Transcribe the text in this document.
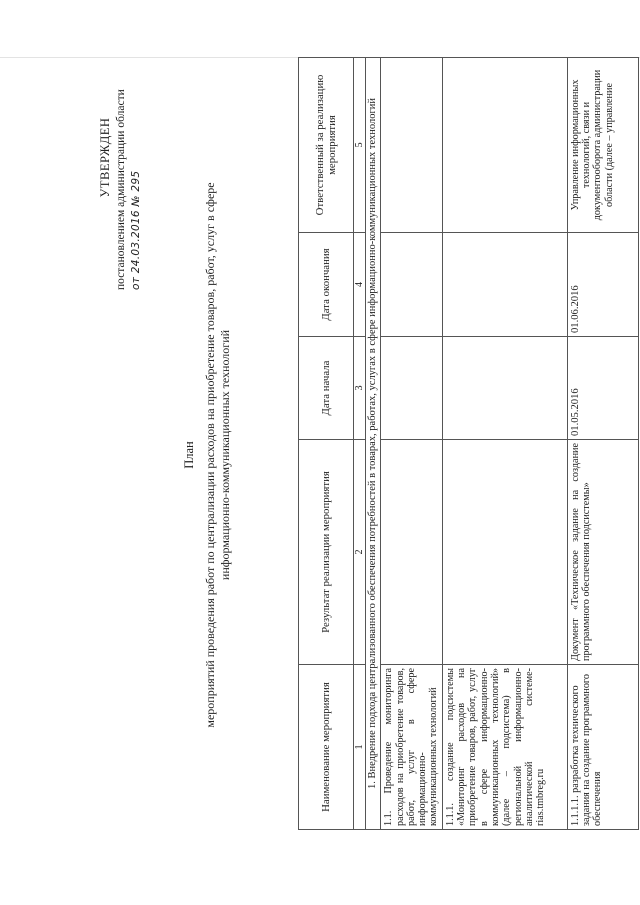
УТВЕРЖДЕН постановлением администрации области от 24.03.2016 № 295
План мероприятий проведения работ по централизации расходов на приобретение товаров, работ, услуг в сфере информационно-коммуникационных технологий
Наименование мероприятия	Результат реализации мероприятия	Дата начала	Дата окончания	Ответственный за реализацию мероприятия
1	2	3	4	5
1. Внедрение подхода централизованного обеспечения потребностей в товарах, работах, услугах в сфере информационно-коммуникационных технологий				
1.1. Проведение мониторинга расходов на приобретение товаров, работ, услуг в сфере информационно-коммуникационных технологий				
1.1.1. создание подсистемы «Мониторинг расходов на приобретение товаров, работ, услуг в сфере информационно-коммуникационных технологий» (далее – подсистема) в региональной информационно-аналитической системе-rias.tmbreg.ru				
1.1.1.1. разработка технического задания на создание программного обеспечения	Документ «Техническое задание на создание программного обеспечения подсистемы»	01.05.2016	01.06.2016	Управление информационных технологий, связи и документооборота администрации области (далее – управление
